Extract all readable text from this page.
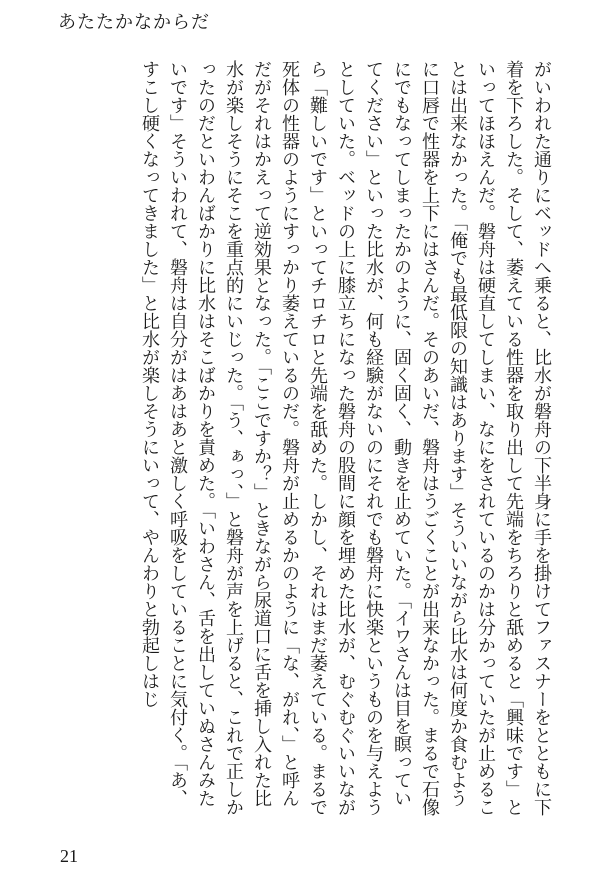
あたたかなからだ

がいわれた通りにベッドへ乗ると、比水が磐舟の下半身に手を掛けてファスナーをとともに下着を下ろした。そして、萎えている性器を取り出して先端をちろりと舐めると「興味です」といってほほえんだ。磐舟は硬直してしまい、なにをされているのかは分かっていたが止めることは出来なかった。「俺でも最低限の知識はあります」そういいながら比水は何度か食むように口唇で性器を上下にはさんだ。そのあいだ、磐舟はうごくことが出来なかった。まるで石像にでもなってしまったかのように、固く固く、動きを止めていた。「イワさんは目を瞑っていてください」といった比水が、何も経験がないのにそれでも磐舟に快楽というものを与えようとしていた。ベッドの上に膝立ちになった磐舟の股間に顔を埋めた比水が、むぐむぐいいながら「難しいです」といってチロチロと先端を舐めた。しかし、それはまだ萎えている。まるで死体の性器のようにすっかり萎えているのだ。磐舟が止めるかのように「な、がれ、」と呼んだがそれはかえって逆効果となった。「ここですか？」ときながら尿道口に舌を挿し入れた比水が楽しそうにそこを重点的にいじった。「う、ぁっ、」と磐舟が声を上げると、これで正しかったのだといわんばかりに比水はそこばかりを責めた。「いわさん、舌を出していぬさんみたいです」そういわれて、磐舟は自分がはあはあと激しく呼吸をしていることに気付く。「あ、すこし硬くなってきました」と比水が楽しそうにいって、やんわりと勃起しはじ

21
